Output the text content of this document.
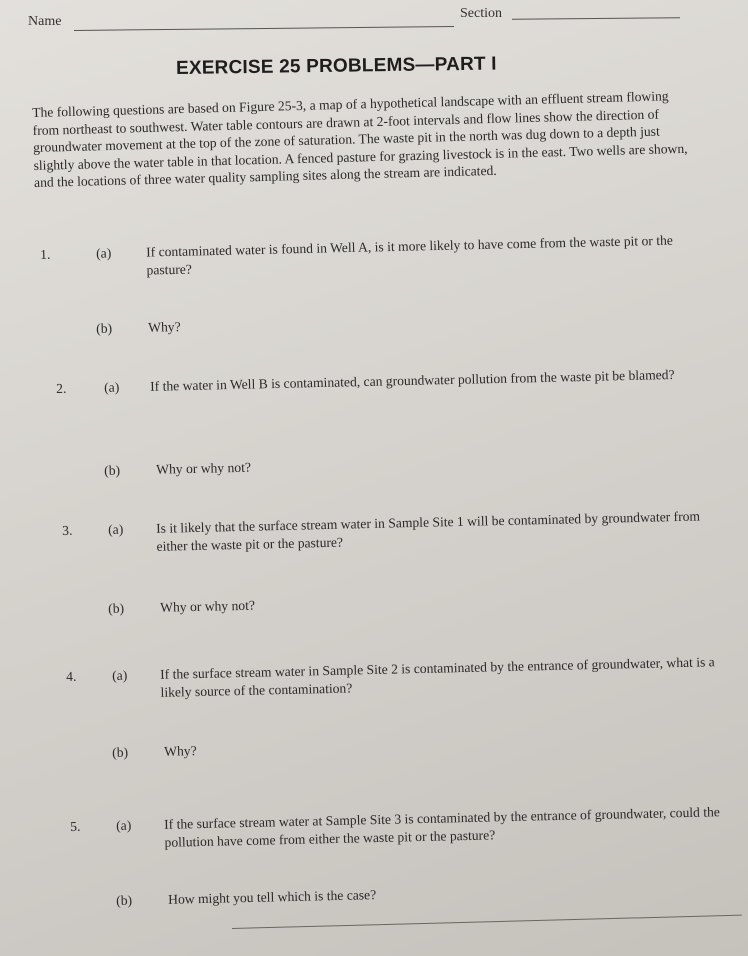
Name
Section
EXERCISE 25 PROBLEMS—PART I

The following questions are based on Figure 25-3, a map of a hypothetical landscape with an effluent stream flowing from northeast to southwest. Water table contours are drawn at 2-foot intervals and flow lines show the direction of groundwater movement at the top of the zone of saturation. The waste pit in the north was dug down to a depth just slightly above the water table in that location. A fenced pasture for grazing livestock is in the east. Two wells are shown, and the locations of three water quality sampling sites along the stream are indicated.

1.	(a)	If contaminated water is found in Well A, is it more likely to have come from the waste pit or the pasture?
(b)	Why?
2.	(a) If the water in Well B is contaminated, can groundwater pollution from the waste pit be blamed?
(b)	Why or why not?
3.	(a) Is it likely that the surface stream water in Sample Site 1 will be contaminated by groundwater from either the waste pit or the pasture?
(b)	Why or why not?
4.	(a) If the surface stream water in Sample Site 2 is contaminated by the entrance of groundwater, what is a likely source of the contamination?
(b)	Why?
5.	(a) If the surface stream water at Sample Site 3 is contaminated by the entrance of groundwater, could the pollution have come from either the waste pit or the pasture?
(b)	How might you tell which is the case?
